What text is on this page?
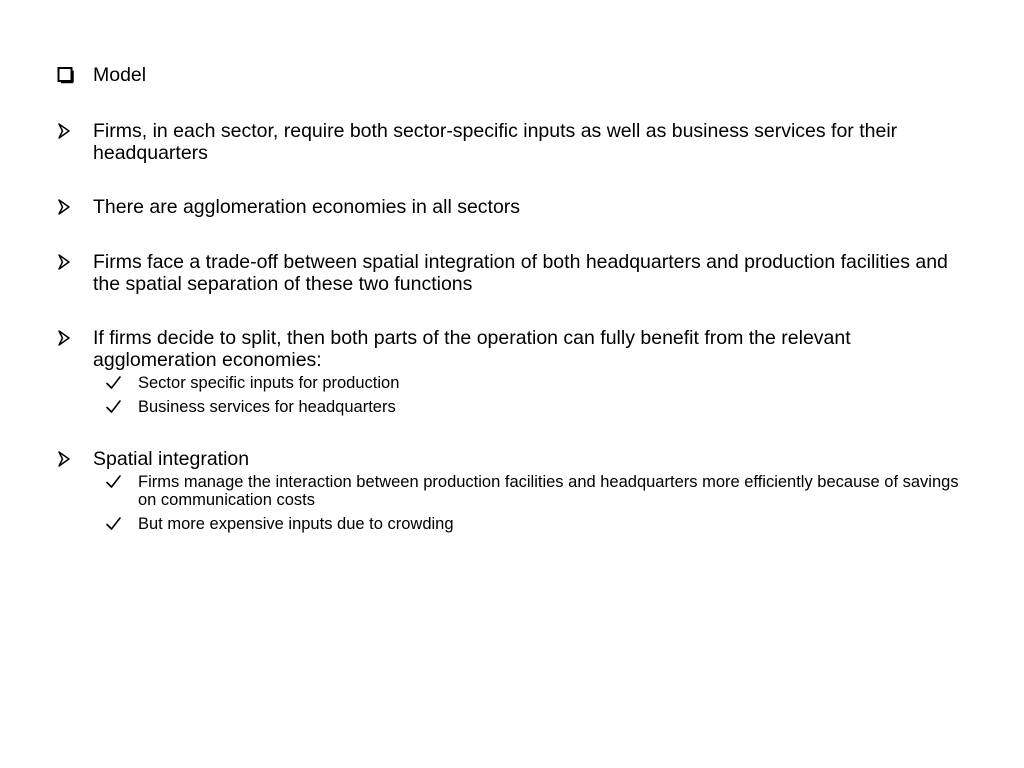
Model
Firms, in each sector, require both sector-specific inputs as well as business services for their headquarters
There are agglomeration economies in all sectors
Firms face a trade-off between spatial integration of both headquarters and production facilities and the spatial separation of these two functions
If firms decide to split, then both parts of the operation can fully benefit from the relevant agglomeration economies:
Sector specific inputs for production
Business services for headquarters
Spatial integration
Firms manage the interaction between production facilities and headquarters more efficiently because of savings on communication costs
But more expensive inputs due to crowding
